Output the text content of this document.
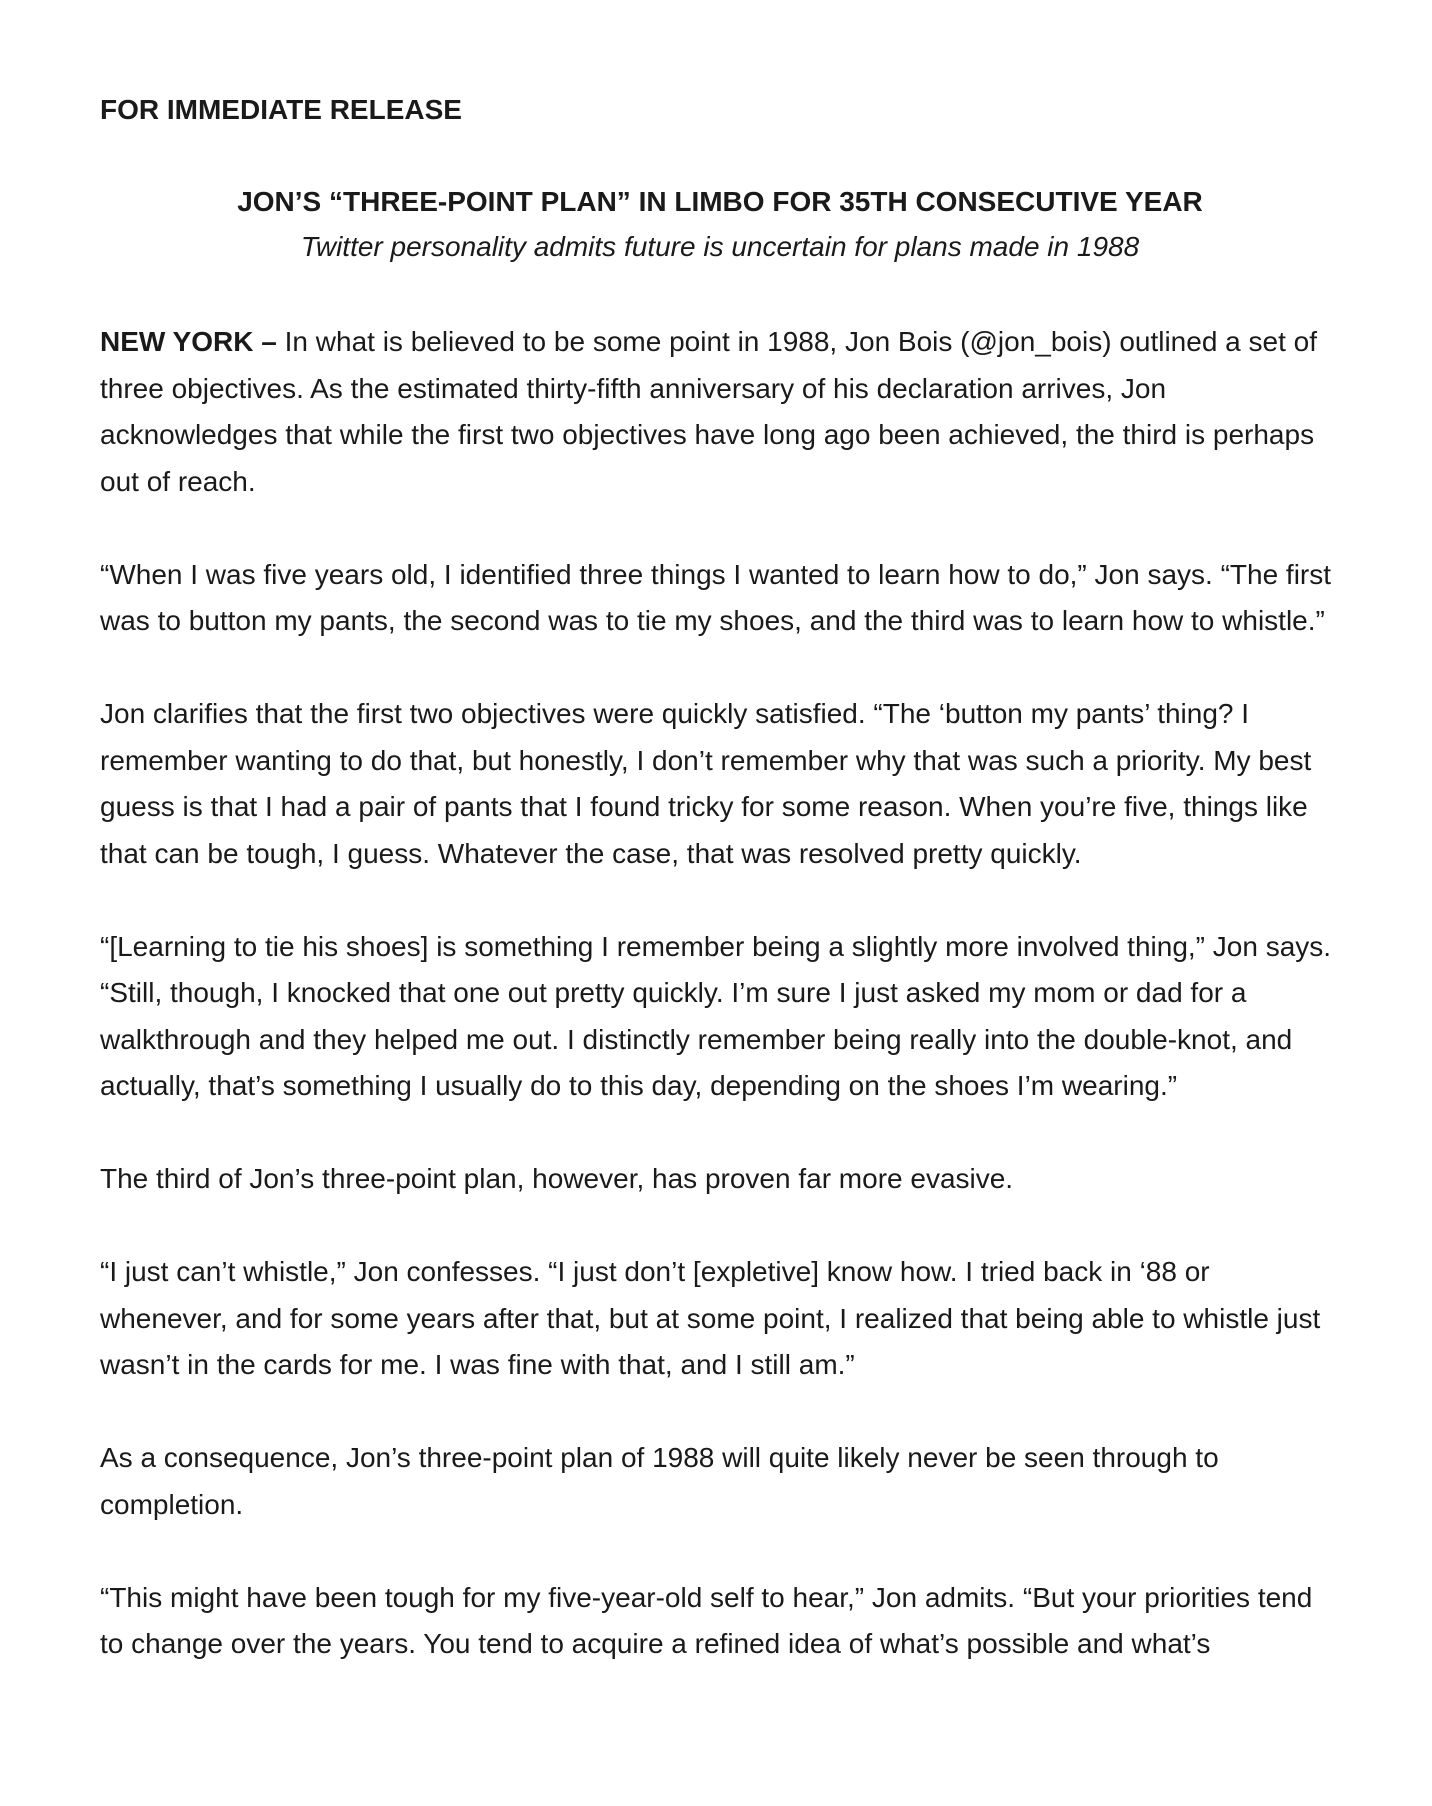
FOR IMMEDIATE RELEASE

JON’S “THREE-POINT PLAN” IN LIMBO FOR 35TH CONSECUTIVE YEAR

Twitter personality admits future is uncertain for plans made in 1988

NEW YORK – In what is believed to be some point in 1988, Jon Bois (@jon_bois) outlined a set of three objectives. As the estimated thirty-fifth anniversary of his declaration arrives, Jon acknowledges that while the first two objectives have long ago been achieved, the third is perhaps out of reach.

“When I was five years old, I identified three things I wanted to learn how to do,” Jon says. “The first was to button my pants, the second was to tie my shoes, and the third was to learn how to whistle.”

Jon clarifies that the first two objectives were quickly satisfied. “The ‘button my pants’ thing? I remember wanting to do that, but honestly, I don’t remember why that was such a priority. My best guess is that I had a pair of pants that I found tricky for some reason. When you’re five, things like that can be tough, I guess. Whatever the case, that was resolved pretty quickly.

“[Learning to tie his shoes] is something I remember being a slightly more involved thing,” Jon says. “Still, though, I knocked that one out pretty quickly. I’m sure I just asked my mom or dad for a walkthrough and they helped me out. I distinctly remember being really into the double-knot, and actually, that’s something I usually do to this day, depending on the shoes I’m wearing.”

The third of Jon’s three-point plan, however, has proven far more evasive.

“I just can’t whistle,” Jon confesses. “I just don’t [expletive] know how. I tried back in ‘88 or whenever, and for some years after that, but at some point, I realized that being able to whistle just wasn’t in the cards for me. I was fine with that, and I still am.”

As a consequence, Jon’s three-point plan of 1988 will quite likely never be seen through to completion.

“This might have been tough for my five-year-old self to hear,” Jon admits. “But your priorities tend to change over the years. You tend to acquire a refined idea of what’s possible and what’s
